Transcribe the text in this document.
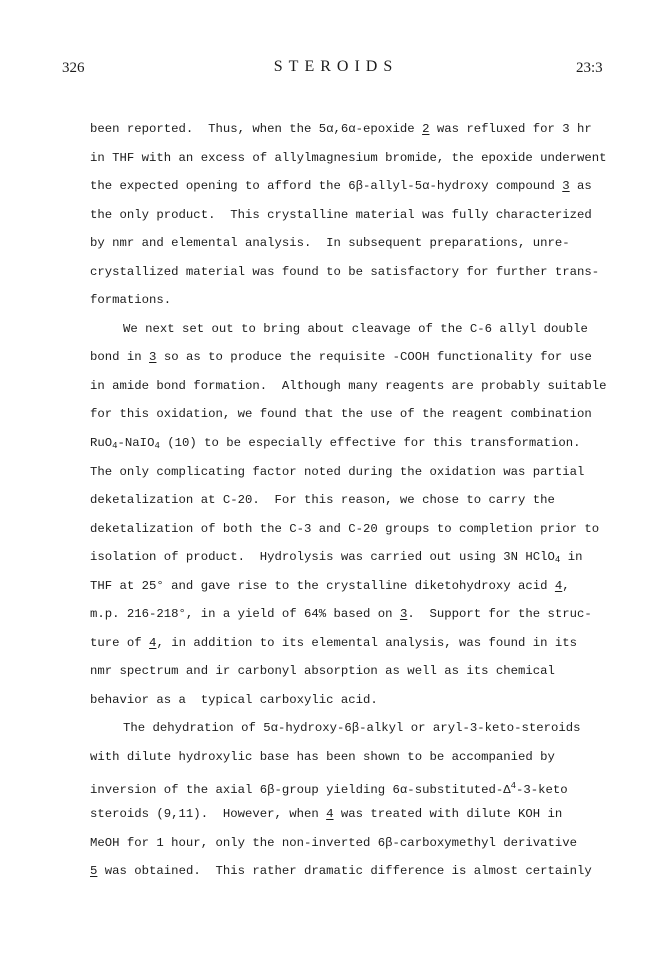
326	STEROIDS	23:3
been reported.  Thus, when the 5α,6α-epoxide 2 was refluxed for 3 hr
in THF with an excess of allylmagnesium bromide, the epoxide underwent
the expected opening to afford the 6β-allyl-5α-hydroxy compound 3 as
the only product.  This crystalline material was fully characterized
by nmr and elemental analysis.  In subsequent preparations, unre-
crystallized material was found to be satisfactory for further trans-
formations.
We next set out to bring about cleavage of the C-6 allyl double
bond in 3 so as to produce the requisite -COOH functionality for use
in amide bond formation.  Although many reagents are probably suitable
for this oxidation, we found that the use of the reagent combination
RuO$_4$-NaIO$_4$ (10) to be especially effective for this transformation.
The only complicating factor noted during the oxidation was partial
deketalization at C-20.  For this reason, we chose to carry the
deketalization of both the C-3 and C-20 groups to completion prior to
isolation of product.  Hydrolysis was carried out using 3N HClO$_4$ in
THF at 25° and gave rise to the crystalline diketohydroxy acid 4,
m.p. 216-218°, in a yield of 64% based on 3.  Support for the struc-
ture of 4, in addition to its elemental analysis, was found in its
nmr spectrum and ir carbonyl absorption as well as its chemical
behavior as a  typical carboxylic acid.
The dehydration of 5α-hydroxy-6β-alkyl or aryl-3-keto-steroids
with dilute hydroxylic base has been shown to be accompanied by
inversion of the axial 6β-group yielding $6\alpha-substituted-\Delta^4-3$-keto
steroids (9,11).  However, when 4 was treated with dilute KOH in
MeOH for 1 hour, only the non-inverted 6β-carboxymethyl derivative
5 was obtained.  This rather dramatic difference is almost certainly
